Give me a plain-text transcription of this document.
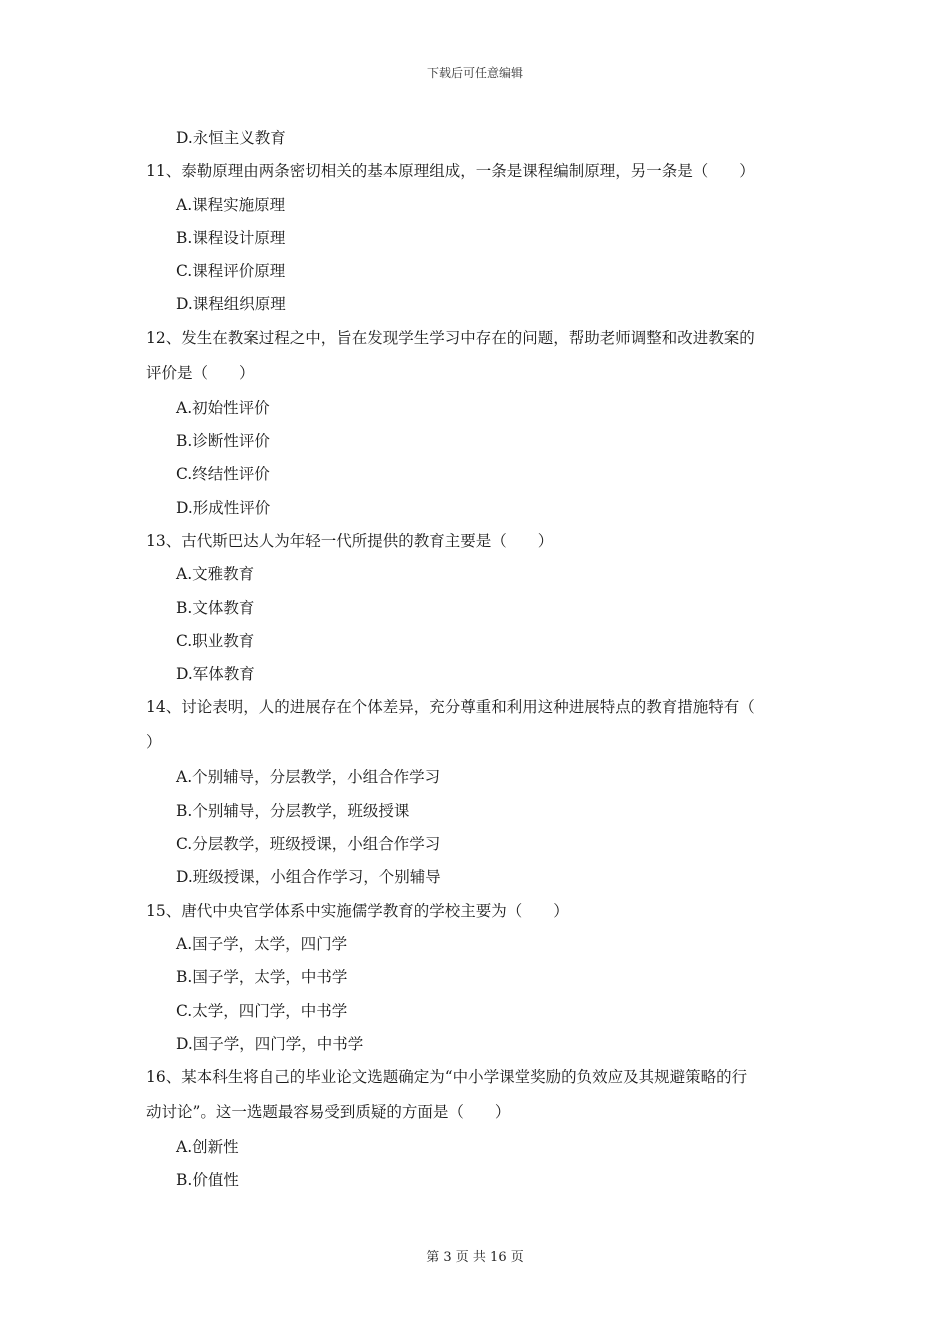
下载后可任意编辑
D.永恒主义教育
11、泰勒原理由两条密切相关的基本原理组成，一条是课程编制原理，另一条是（　　）
A.课程实施原理
B.课程设计原理
C.课程评价原理
D.课程组织原理
12、发生在教案过程之中，旨在发现学生学习中存在的问题，帮助老师调整和改进教案的
评价是（　　）
A.初始性评价
B.诊断性评价
C.终结性评价
D.形成性评价
13、古代斯巴达人为年轻一代所提供的教育主要是（　　）
A.文雅教育
B.文体教育
C.职业教育
D.军体教育
14、讨论表明，人的进展存在个体差异，充分尊重和利用这种进展特点的教育措施特有（
）
A.个别辅导，分层教学，小组合作学习
B.个别辅导，分层教学，班级授课
C.分层教学，班级授课，小组合作学习
D.班级授课，小组合作学习，个别辅导
15、唐代中央官学体系中实施儒学教育的学校主要为（　　）
A.国子学，太学，四门学
B.国子学，太学，中书学
C.太学，四门学，中书学
D.国子学，四门学，中书学
16、某本科生将自己的毕业论文选题确定为“中小学课堂奖励的负效应及其规避策略的行
动讨论”。这一选题最容易受到质疑的方面是（　　）
A.创新性
B.价值性
第 3 页 共 16 页
